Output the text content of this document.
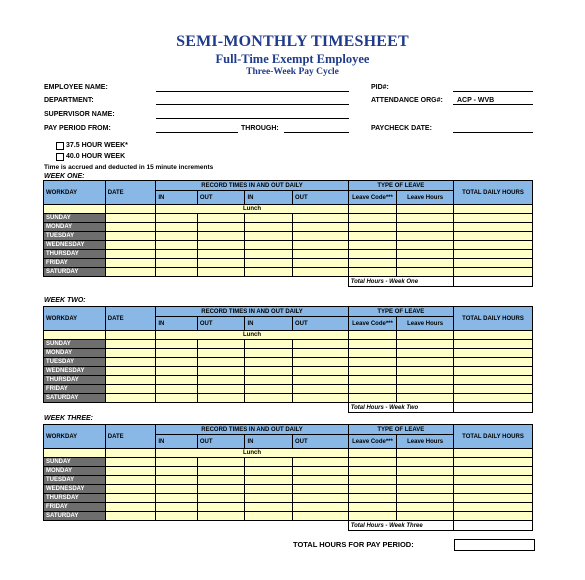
SEMI-MONTHLY TIMESHEET
Full-Time Exempt Employee
Three-Week Pay Cycle
EMPLOYEE NAME:
DEPARTMENT:
SUPERVISOR NAME:
PAY PERIOD FROM:	THROUGH:
PID#:
ATTENDANCE ORG#: ACP - WVB
PAYCHECK DATE:
37.5 HOUR WEEK*
40.0 HOUR WEEK
Time is accrued and deducted in 15 minute increments
WEEK ONE:
WEEK TWO:
WEEK THREE:
WORKDAY	DATE	RECORD TIMES IN AND OUT DAILY				TYPE OF LEAVE		TOTAL DAILY HOURS
		IN	OUT	IN	OUT	Leave Code***	Leave Hours	
		Lunch						
SUNDAY								
MONDAY								
TUESDAY								
WEDNESDAY								
THURSDAY								
FRIDAY								
SATURDAY								
						Total Hours - Week One		
WORKDAY	DATE	RECORD TIMES IN AND OUT DAILY				TYPE OF LEAVE		TOTAL DAILY HOURS
		IN	OUT	IN	OUT	Leave Code***	Leave Hours	
		Lunch						
SUNDAY								
MONDAY								
TUESDAY								
WEDNESDAY								
THURSDAY								
FRIDAY								
SATURDAY								
						Total Hours - Week Two		
WORKDAY	DATE	RECORD TIMES IN AND OUT DAILY				TYPE OF LEAVE		TOTAL DAILY HOURS
		IN	OUT	IN	OUT	Leave Code***	Leave Hours	
		Lunch						
SUNDAY								
MONDAY								
TUESDAY								
WEDNESDAY								
THURSDAY								
FRIDAY								
SATURDAY								
						Total Hours - Week Three		
TOTAL HOURS FOR PAY PERIOD:
